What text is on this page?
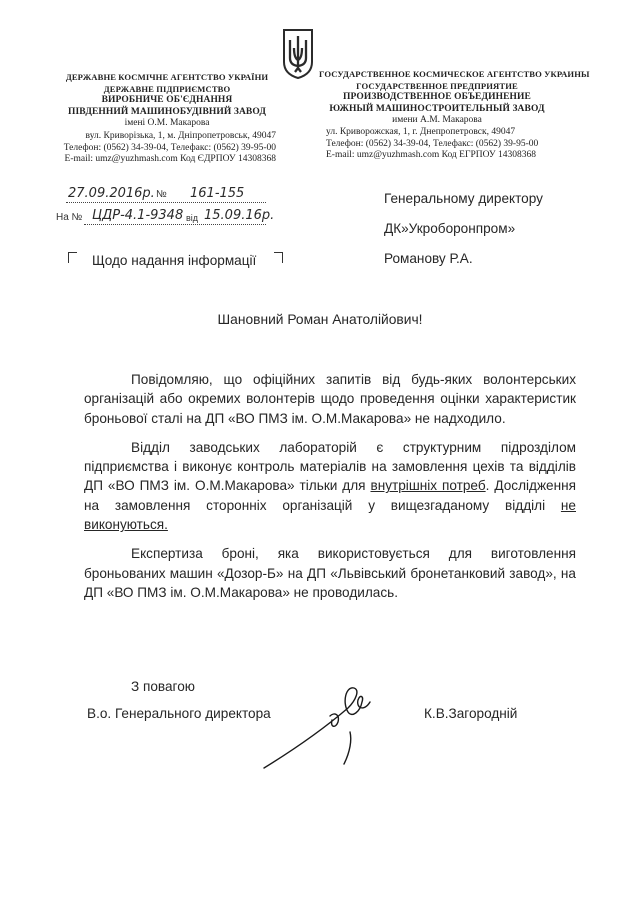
ДЕРЖАВНЕ КОСМІЧНЕ АГЕНТСТВО УКРАЇНИ
ДЕРЖАВНЕ ПІДПРИЄМСТВО
ВИРОБНИЧЕ ОБ'ЄДНАННЯ
ПІВДЕННИЙ МАШИНОБУДІВНИЙ ЗАВОД
імені О.М. Макарова
вул. Криворізька, 1, м. Дніпропетровськ, 49047
Телефон: (0562) 34-39-04, Телефакс: (0562) 39-95-00
E-mail: umz@yuzhmash.com Код ЄДРПОУ 14308368
ГОСУДАРСТВЕННОЕ КОСМИЧЕСКОЕ АГЕНТСТВО УКРАИНЫ
ГОСУДАРСТВЕННОЕ ПРЕДПРИЯТИЕ
ПРОИЗВОДСТВЕННОЕ ОБЪЕДИНЕНИЕ
ЮЖНЫЙ МАШИНОСТРОИТЕЛЬНЫЙ ЗАВОД
имени А.М. Макарова
ул. Криворожская, 1, г. Днепропетровск, 49047
Телефон: (0562) 34-39-04, Телефакс: (0562) 39-95-00
E-mail: umz@yuzhmash.com Код ЕГРПОУ 14308368
27.09.2016р. № 161-155
На № ЦДР-4.1-9348 від 15.09.16р.
Генеральному директору
ДК»Укроборонпром»
Романову Р.А.
Щодо надання інформації
Шановний Роман Анатолійович!

Повідомляю, що офіційних запитів від будь-яких волонтерських організацій або окремих волонтерів щодо проведення оцінки характеристик броньової сталі на ДП «ВО ПМЗ ім. О.М.Макарова» не надходило.

Відділ заводських лабораторій є структурним підрозділом підприємства і виконує контроль матеріалів на замовлення цехів та відділів ДП «ВО ПМЗ ім. О.М.Макарова» тільки для внутрішніх потреб. Дослідження на замовлення сторонніх організацій у вищезгаданому відділі не виконуються.

Експертиза броні, яка використовується для виготовлення броньованих машин «Дозор-Б» на ДП «Львівський бронетанковий завод», на ДП «ВО ПМЗ ім. О.М.Макарова» не проводилась.

З повагою
В.о. Генерального директора	К.В.Загородній
